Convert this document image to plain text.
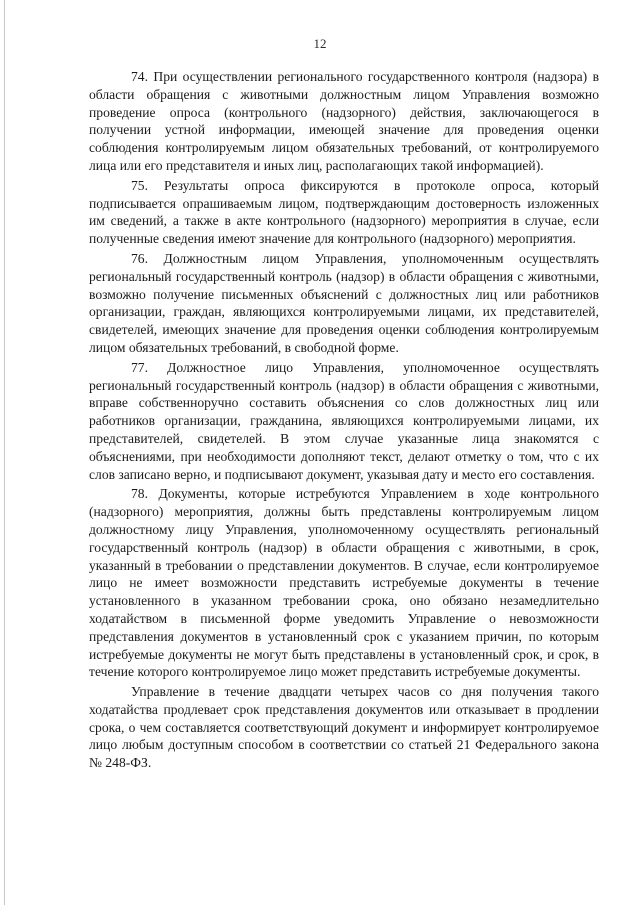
12

74. При осуществлении регионального государственного контроля (надзора) в области обращения с животными должностным лицом Управления возможно проведение опроса (контрольного (надзорного) действия, заключающегося в получении устной информации, имеющей значение для проведения оценки соблюдения контролируемым лицом обязательных требований, от контролируемого лица или его представителя и иных лиц, располагающих такой информацией).

75. Результаты опроса фиксируются в протоколе опроса, который подписывается опрашиваемым лицом, подтверждающим достоверность изложенных им сведений, а также в акте контрольного (надзорного) мероприятия в случае, если полученные сведения имеют значение для контрольного (надзорного) мероприятия.

76. Должностным лицом Управления, уполномоченным осуществлять региональный государственный контроль (надзор) в области обращения с животными, возможно получение письменных объяснений с должностных лиц или работников организации, граждан, являющихся контролируемыми лицами, их представителей, свидетелей, имеющих значение для проведения оценки соблюдения контролируемым лицом обязательных требований, в свободной форме.

77. Должностное лицо Управления, уполномоченное осуществлять региональный государственный контроль (надзор) в области обращения с животными, вправе собственноручно составить объяснения со слов должностных лиц или работников организации, гражданина, являющихся контролируемыми лицами, их представителей, свидетелей. В этом случае указанные лица знакомятся с объяснениями, при необходимости дополняют текст, делают отметку о том, что с их слов записано верно, и подписывают документ, указывая дату и место его составления.

78. Документы, которые истребуются Управлением в ходе контрольного (надзорного) мероприятия, должны быть представлены контролируемым лицом должностному лицу Управления, уполномоченному осуществлять региональный государственный контроль (надзор) в области обращения с животными, в срок, указанный в требовании о представлении документов. В случае, если контролируемое лицо не имеет возможности представить истребуемые документы в течение установленного в указанном требовании срока, оно обязано незамедлительно ходатайством в письменной форме уведомить Управление о невозможности представления документов в установленный срок с указанием причин, по которым истребуемые документы не могут быть представлены в установленный срок, и срок, в течение которого контролируемое лицо может представить истребуемые документы.

Управление в течение двадцати четырех часов со дня получения такого ходатайства продлевает срок представления документов или отказывает в продлении срока, о чем составляется соответствующий документ и информирует контролируемое лицо любым доступным способом в соответствии со статьей 21 Федерального закона № 248-ФЗ.
